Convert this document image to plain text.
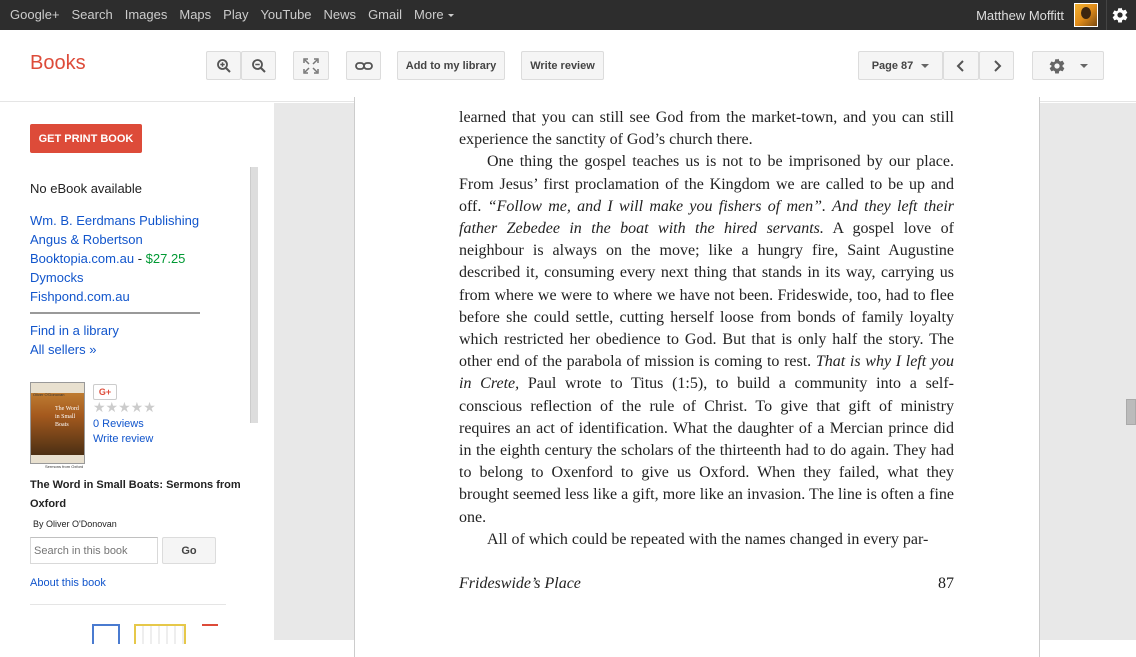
Google+ Search Images Maps Play YouTube News Gmail More	Matthew Moffitt
Books	Add to my library	Write review	Page 87
GET PRINT BOOK
No eBook available
Wm. B. Eerdmans Publishing
Angus & Robertson
Booktopia.com.au - $27.25
Dymocks
Fishpond.com.au
Find in a library
All sellers »
Oliver O'Donovan
The Word in Small Boats
Sermons from Oxford
G+
★★★★★
0 Reviews
Write review
The Word in Small Boats: Sermons from Oxford
By Oliver O'Donovan
Search in this book
Go
About this book

learned that you can still see God from the market-town, and you can still experience the sanctity of God’s church there.

One thing the gospel teaches us is not to be imprisoned by our place. From Jesus’ first proclamation of the Kingdom we are called to be up and off. “Follow me, and I will make you fishers of men”. And they left their father Zebedee in the boat with the hired servants. A gospel love of neighbour is always on the move; like a hungry fire, Saint Augustine described it, consuming every next thing that stands in its way, carrying us from where we were to where we have not been. Frideswide, too, had to flee before she could settle, cutting herself loose from bonds of family loyalty which restricted her obedience to God. But that is only half the story. The other end of the parabola of mission is coming to rest. That is why I left you in Crete, Paul wrote to Titus (1:5), to build a community into a self-conscious reflection of the rule of Christ. To give that gift of ministry requires an act of identification. What the daughter of a Mercian prince did in the eighth century the scholars of the thirteenth had to do again. They had to belong to Oxenford to give us Oxford. When they failed, what they brought seemed less like a gift, more like an invasion. The line is often a fine one.

All of which could be repeated with the names changed in every par-

Frideswide’s Place	87
